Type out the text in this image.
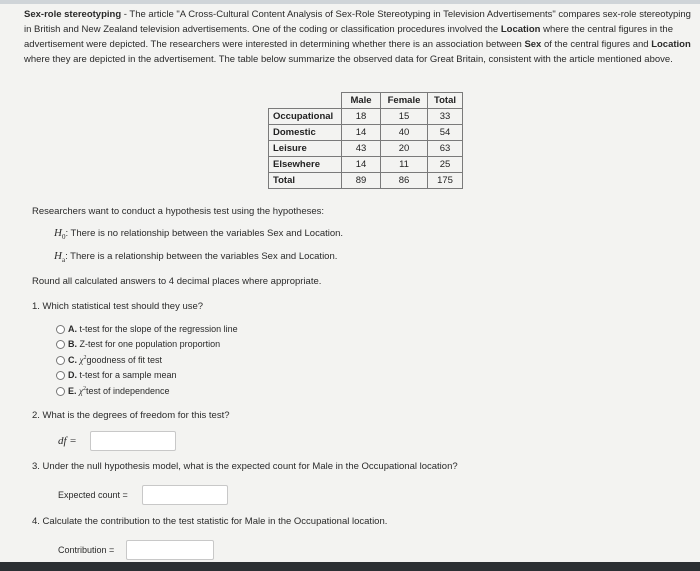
Sex-role stereotyping - The article "A Cross-Cultural Content Analysis of Sex-Role Stereotyping in Television Advertisements" compares sex-role stereotyping in British and New Zealand television advertisements. One of the coding or classification procedures involved the Location where the central figures in the advertisement were depicted. The researchers were interested in determining whether there is an association between Sex of the central figures and Location where they are depicted in the advertisement. The table below summarize the observed data for Great Britain, consistent with the article mentioned above.
	Male	Female	Total
Occupational	18	15	33
Domestic	14	40	54
Leisure	43	20	63
Elsewhere	14	11	25
Total	89	86	175
Researchers want to conduct a hypothesis test using the hypotheses:
$H_0$: There is no relationship between the variables Sex and Location.
$H_a$: There is a relationship between the variables Sex and Location.
Round all calculated answers to 4 decimal places where appropriate.
1. Which statistical test should they use?
A.
t-test for the slope of the regression line
B.
Z-test for one population proportion
C.
$\chi^2$ goodness of fit test
D.
t-test for a sample mean
E.
$\chi^2$ test of independence
2. What is the degrees of freedom for this test?
df =
3. Under the null hypothesis model, what is the expected count for Male in the Occupational location?
Expected count =
4. Calculate the contribution to the test statistic for Male in the Occupational location.
Contribution =
